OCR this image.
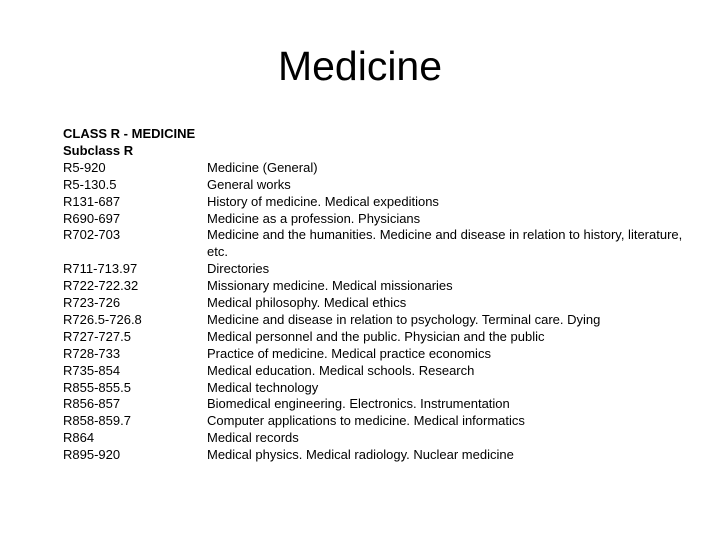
Medicine
CLASS R - MEDICINE
Subclass R
R5-920	Medicine (General)
R5-130.5	General works
R131-687	History of medicine. Medical expeditions
R690-697	Medicine as a profession. Physicians
R702-703	Medicine and the humanities. Medicine and disease in relation to history, literature, etc.
R711-713.97	Directories
R722-722.32	Missionary medicine. Medical missionaries
R723-726	Medical philosophy. Medical ethics
R726.5-726.8	Medicine and disease in relation to psychology. Terminal care. Dying
R727-727.5	Medical personnel and the public. Physician and the public
R728-733	Practice of medicine. Medical practice economics
R735-854	Medical education. Medical schools. Research
R855-855.5	Medical technology
R856-857	Biomedical engineering. Electronics. Instrumentation
R858-859.7	Computer applications to medicine. Medical informatics
R864	Medical records
R895-920	Medical physics. Medical radiology. Nuclear medicine
